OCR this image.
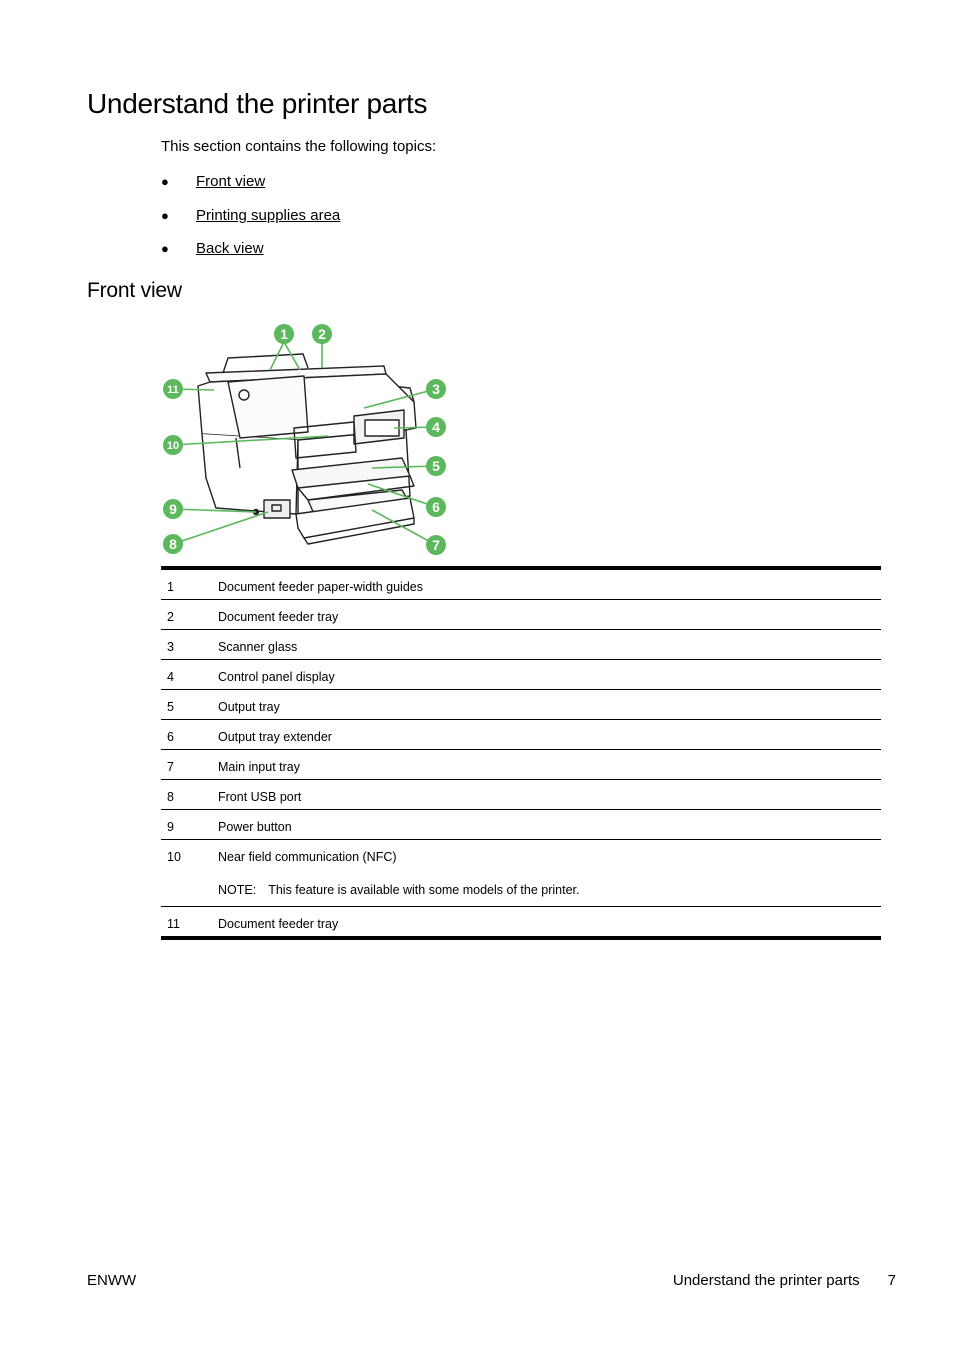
Understand the printer parts

This section contains the following topics:

●	Front view
●	Printing supplies area
●	Back view
Front view
1 2
3
4
5
6
7
8
9
10
11
1	Document feeder paper-width guides

2	Document feeder tray

3	Scanner glass

4	Control panel display

5	Output tray

6	Output tray extender

7	Main input tray

8	Front USB port

9	Power button

10	Near field communication (NFC)
NOTE: This feature is available with some models of the printer.

11	Document feeder tray
ENWW	Understand the printer parts 7
